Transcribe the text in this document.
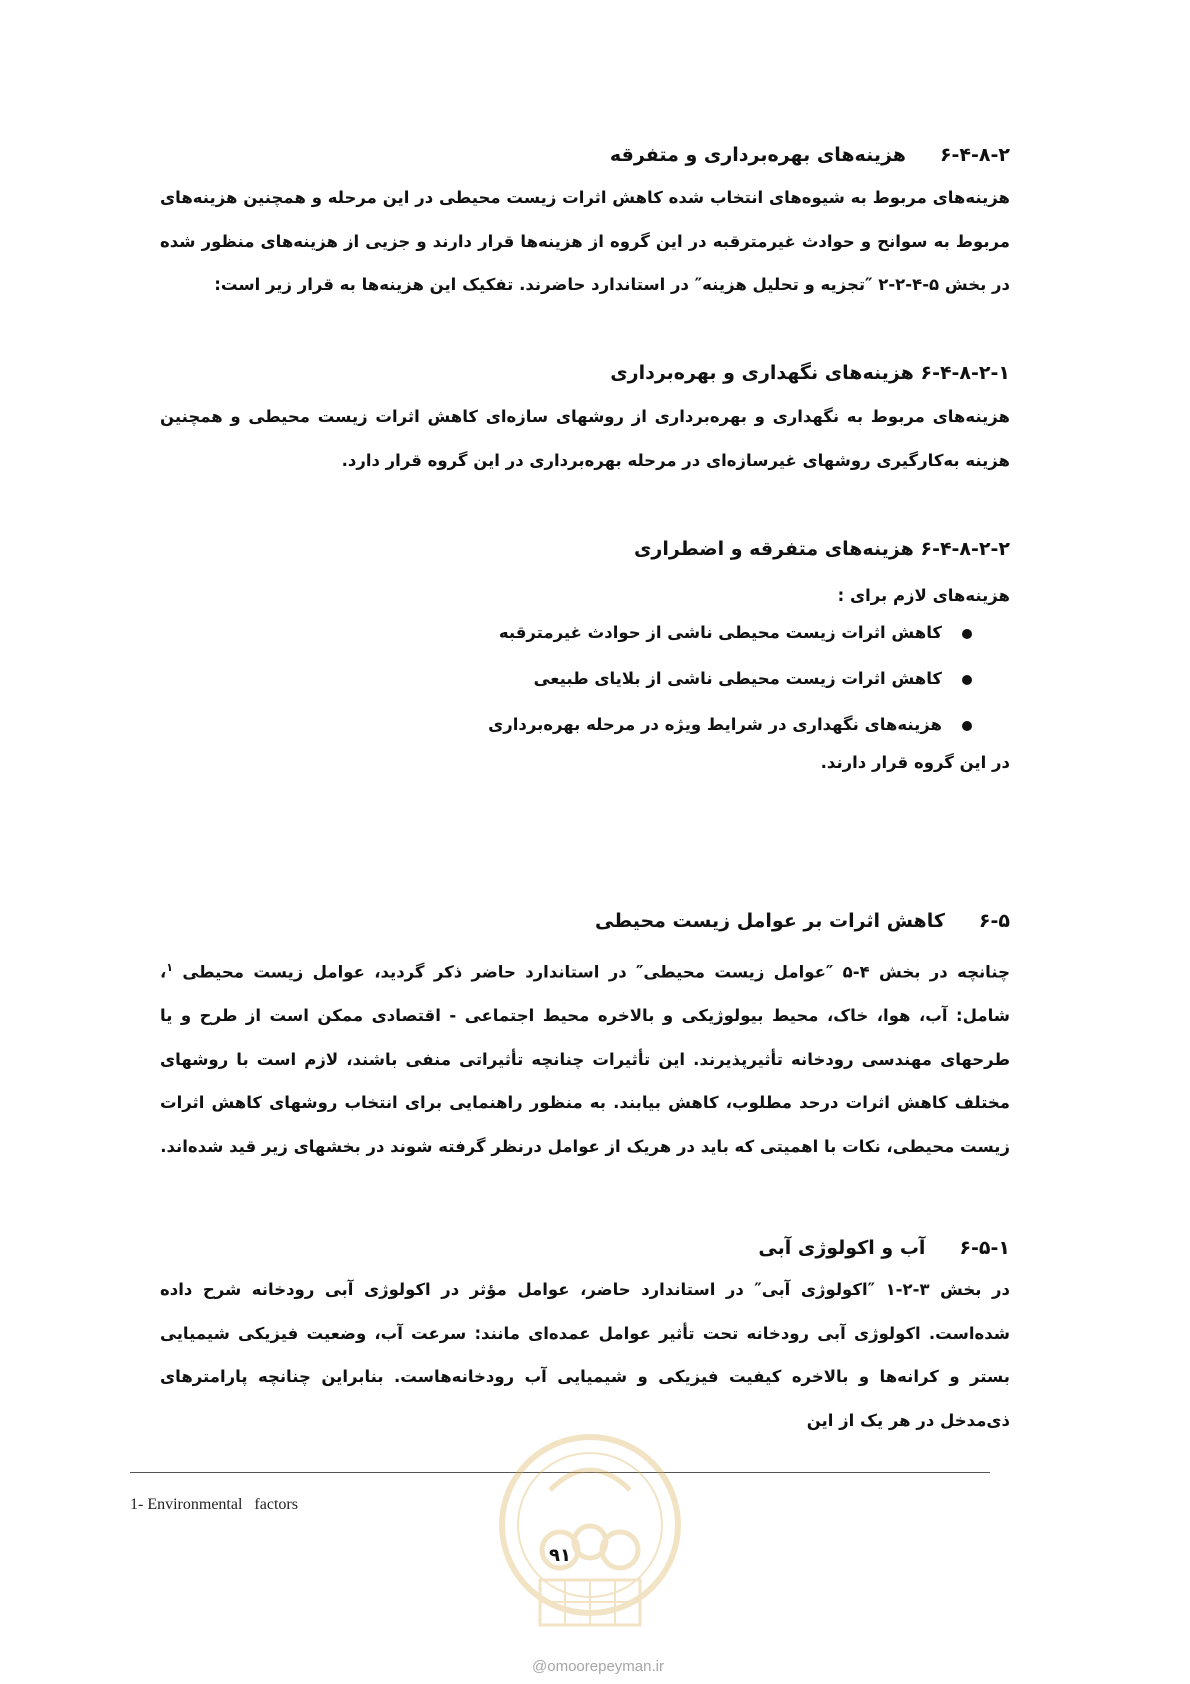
۶-۴-۸-۲هزینه‌های بهره‌برداری و متفرقه
هزینه‌های مربوط به شیوه‌های انتخاب شده کاهش اثرات زیست محیطی در این مرحله و همچنین هزینه‌های مربوط به سوانح و حوادث غیرمترقبه در این گروه از هزینه‌ها قرار دارند و جزیی از هزینه‌های منظور شده در بخش ۵-۴-۲-۲ ″تجزیه و تحلیل هزینه″ در استاندارد حاضرند. تفکیک این هزینه‌ها به قرار زیر است:
۶-۴-۸-۲-۱ هزینه‌های نگهداری و بهره‌برداری
هزینه‌های مربوط به نگهداری و بهره‌برداری از روشهای سازه‌ای کاهش اثرات زیست محیطی و همچنین هزینه به‌کارگیری روشهای غیرسازه‌ای در مرحله بهره‌برداری در این گروه قرار دارد.
۶-۴-۸-۲-۲ هزینه‌های متفرقه و اضطراری
هزینه‌های لازم برای :
کاهش اثرات زیست محیطی ناشی از حوادث غیرمترقبه
کاهش اثرات زیست محیطی ناشی از بلایای طبیعی
هزینه‌های نگهداری در شرایط ویژه در مرحله بهره‌برداری
در این گروه قرار دارند.
۶-۵کاهش اثرات بر عوامل زیست محیطی
چنانچه در بخش ۴-۵ ″عوامل زیست محیطی″ در استاندارد حاضر ذکر گردید، عوامل زیست محیطی $^۱$، شامل: آب، هوا، خاک، محیط بیولوژیکی و بالاخره محیط اجتماعی - اقتصادی ممکن است از طرح و یا طرحهای مهندسی رودخانه تأثیرپذیرند. این تأثیرات چنانچه تأثیراتی منفی باشند، لازم است با روشهای مختلف کاهش اثرات درحد مطلوب، کاهش بیابند. به منظور راهنمایی برای انتخاب روشهای کاهش اثرات زیست محیطی، نکات با اهمیتی که باید در هریک از عوامل درنظر گرفته شوند در بخشهای زیر قید شده‌اند.
۶-۵-۱آب و اکولوژی آبی
در بخش ۳-۲-۱ ″اکولوژی آبی″ در استاندارد حاضر، عوامل مؤثر در اکولوژی آبی رودخانه شرح داده شده‌است. اکولوژی آبی رودخانه تحت تأثیر عوامل عمده‌ای مانند: سرعت آب، وضعیت فیزیکی شیمیایی بستر و کرانه‌ها و بالاخره کیفیت فیزیکی و شیمیایی آب رودخانه‌هاست. بنابراین چنانچه پارامترهای ذی‌مدخل در هر یک از این
1- Environmental   factors
۹۱
@omoorepeyman.ir
